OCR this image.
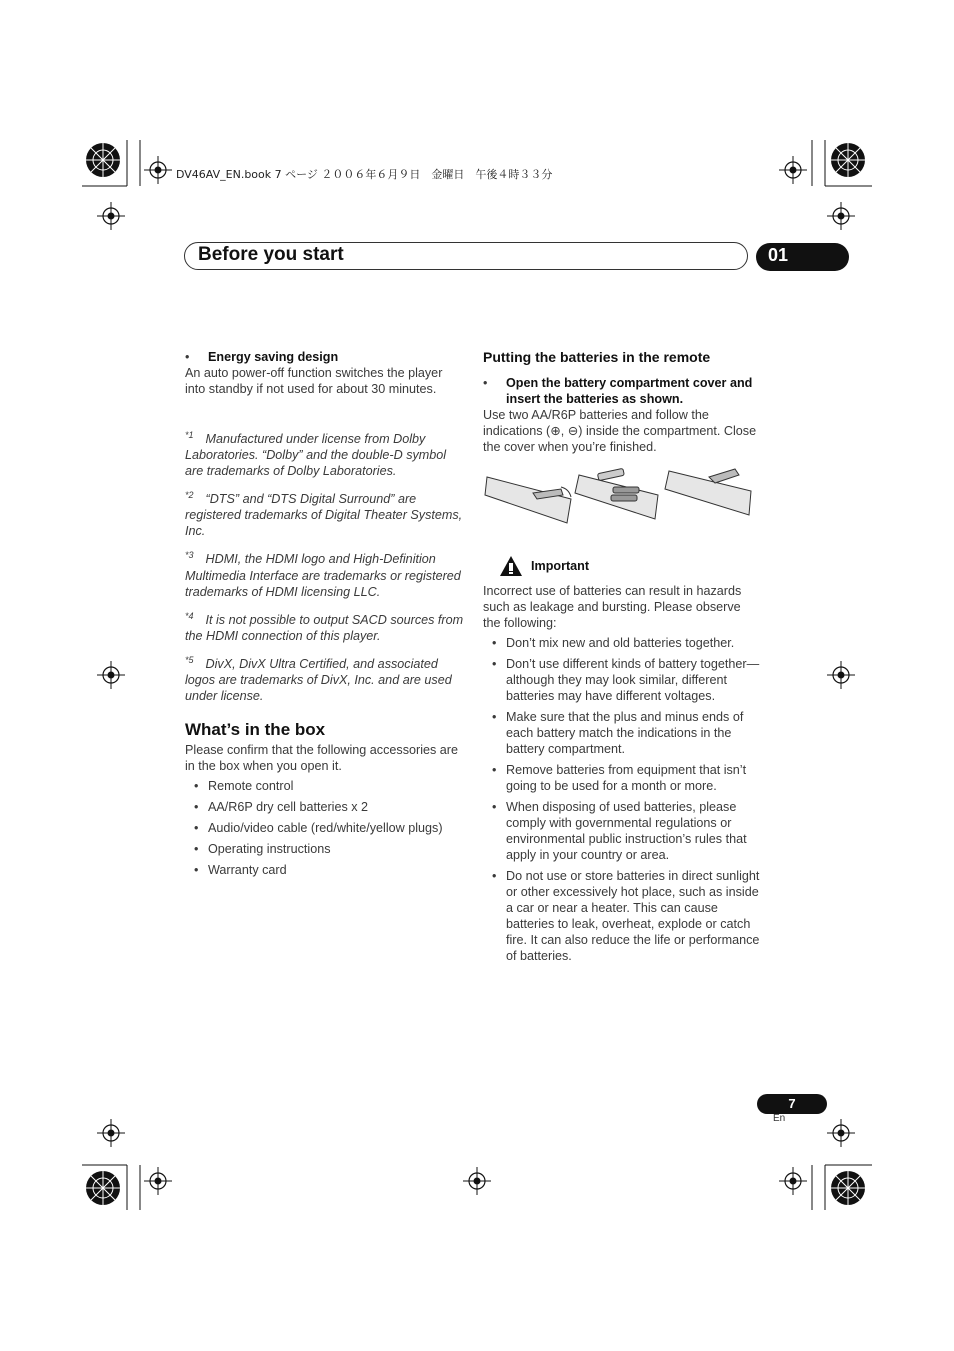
DV46AV_EN.book 7 ページ ２００６年６月９日　金曜日　午後４時３３分
Before you start	01
• Energy saving design
An auto power-off function switches the player into standby if not used for about 30 minutes.
$^{*1}$ Manufactured under license from Dolby Laboratories. “Dolby” and the double-D symbol are trademarks of Dolby Laboratories.
$^{*2}$ “DTS” and “DTS Digital Surround” are registered trademarks of Digital Theater Systems, Inc.
$^{*3}$ HDMI, the HDMI logo and High-Definition Multimedia Interface are trademarks or registered trademarks of HDMI licensing LLC.
$^{*4}$ It is not possible to output SACD sources from the HDMI connection of this player.
$^{*5}$ DivX, DivX Ultra Certified, and associated logos are trademarks of DivX, Inc. and are used under license.
What’s in the box
Please confirm that the following accessories are in the box when you open it.
• Remote control
• AA/R6P dry cell batteries x 2
• Audio/video cable (red/white/yellow plugs)
• Operating instructions
• Warranty card
Putting the batteries in the remote
• Open the battery compartment cover and insert the batteries as shown.
Use two AA/R6P batteries and follow the indications (⊕, ⊖) inside the compartment. Close the cover when you’re finished.
Important
Incorrect use of batteries can result in hazards such as leakage and bursting. Please observe the following:
• Don’t mix new and old batteries together.
• Don’t use different kinds of battery together—although they may look similar, different batteries may have different voltages.
• Make sure that the plus and minus ends of each battery match the indications in the battery compartment.
• Remove batteries from equipment that isn’t going to be used for a month or more.
• When disposing of used batteries, please comply with governmental regulations or environmental public instruction’s rules that apply in your country or area.
• Do not use or store batteries in direct sunlight or other excessively hot place, such as inside a car or near a heater. This can cause batteries to leak, overheat, explode or catch fire. It can also reduce the life or performance of batteries.
7
En
